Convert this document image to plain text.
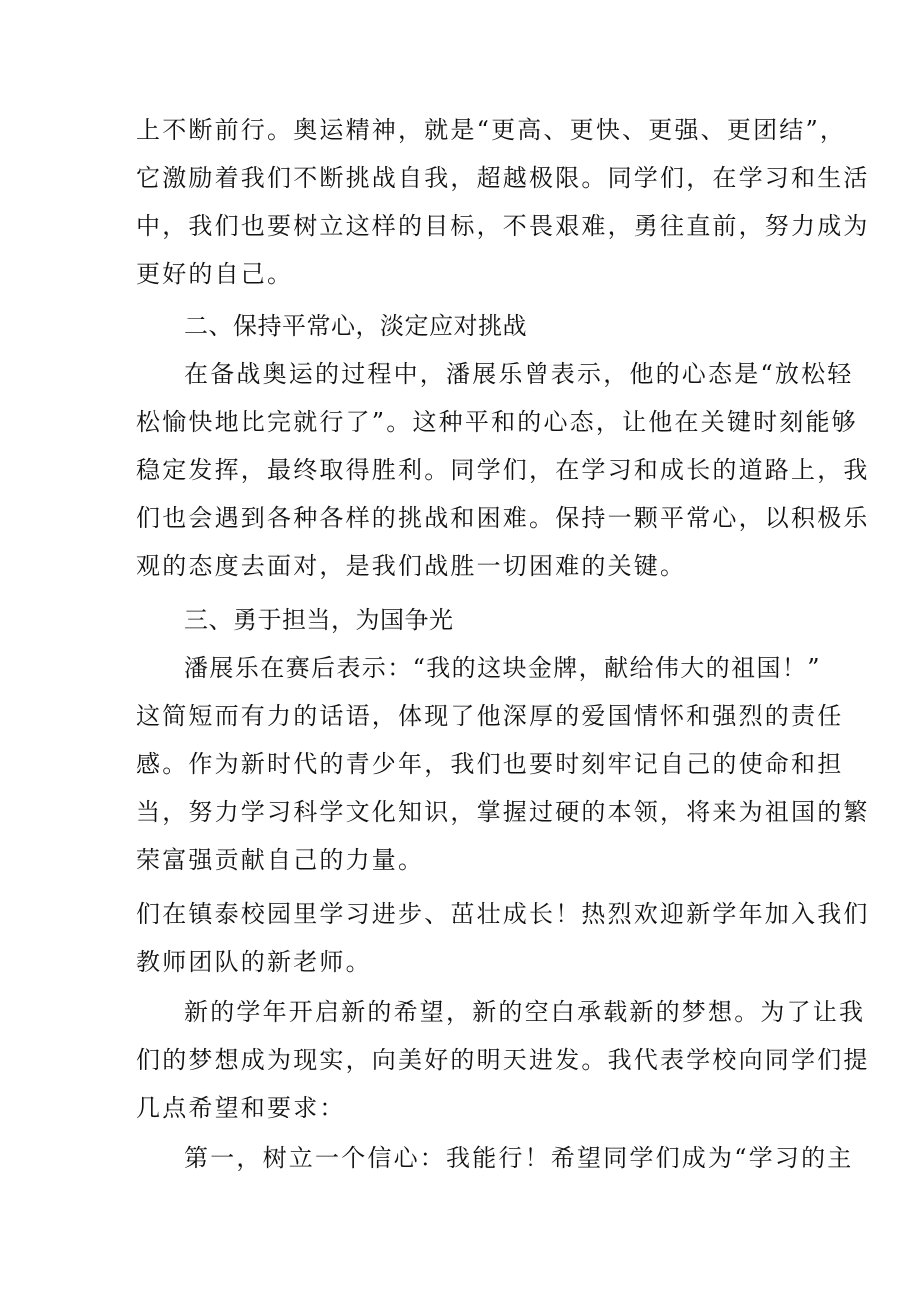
上不断前行。奥运精神，就是“更高、更快、更强、更团结”，
它激励着我们不断挑战自我，超越极限。同学们，在学习和生活
中，我们也要树立这样的目标，不畏艰难，勇往直前，努力成为
更好的自己。
二、保持平常心，淡定应对挑战
在备战奥运的过程中，潘展乐曾表示，他的心态是“放松轻
松愉快地比完就行了”。这种平和的心态，让他在关键时刻能够
稳定发挥，最终取得胜利。同学们，在学习和成长的道路上，我
们也会遇到各种各样的挑战和困难。保持一颗平常心，以积极乐
观的态度去面对，是我们战胜一切困难的关键。
三、勇于担当，为国争光
潘展乐在赛后表示：“我的这块金牌，献给伟大的祖国！”
这简短而有力的话语，体现了他深厚的爱国情怀和强烈的责任
感。作为新时代的青少年，我们也要时刻牢记自己的使命和担
当，努力学习科学文化知识，掌握过硬的本领，将来为祖国的繁
荣富强贡献自己的力量。
们在镇泰校园里学习进步、茁壮成长！热烈欢迎新学年加入我们
教师团队的新老师。
新的学年开启新的希望，新的空白承载新的梦想。为了让我
们的梦想成为现实，向美好的明天进发。我代表学校向同学们提
几点希望和要求：
第一，树立一个信心：我能行！希望同学们成为“学习的主
